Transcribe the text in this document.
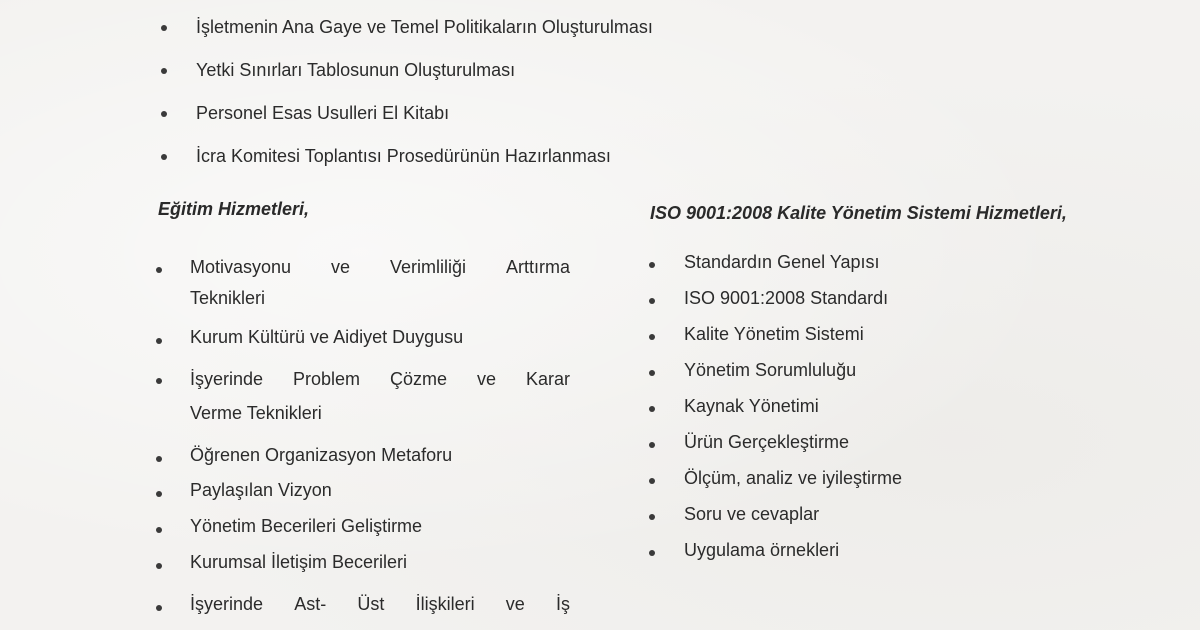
İşletmenin Ana Gaye ve Temel Politikaların Oluşturulması
Yetki Sınırları Tablosunun Oluşturulması
Personel Esas Usulleri El Kitabı
İcra Komitesi Toplantısı Prosedürünün Hazırlanması
Eğitim Hizmetleri,	ISO 9001:2008 Kalite Yönetim Sistemi Hizmetleri,
Motivasyonu ve Verimliliği Arttırma
Teknikleri
Kurum Kültürü ve Aidiyet Duygusu
İşyerinde Problem Çözme ve Karar
Verme Teknikleri
Öğrenen Organizasyon Metaforu
Paylaşılan Vizyon
Yönetim Becerileri Geliştirme
Kurumsal İletişim Becerileri
İşyerinde Ast- Üst İlişkileri ve İş
Standardın Genel Yapısı
ISO 9001:2008 Standardı
Kalite Yönetim Sistemi
Yönetim Sorumluluğu
Kaynak Yönetimi
Ürün Gerçekleştirme
Ölçüm, analiz ve iyileştirme
Soru ve cevaplar
Uygulama örnekleri
